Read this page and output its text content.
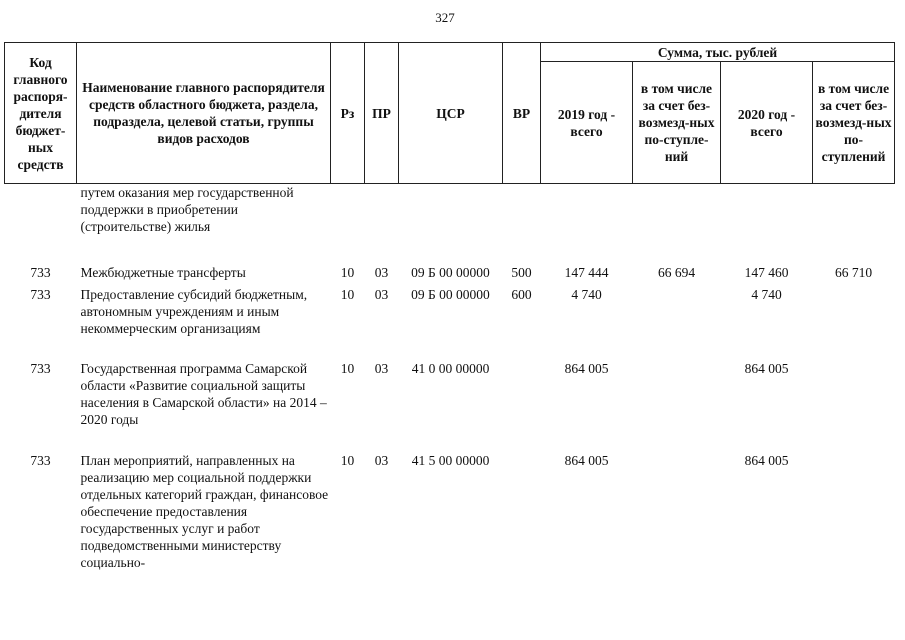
327
Код главного распоря-дителя бюджет-ных средств	Наименование главного распорядителя средств областного бюджета, раздела, подраздела, целевой статьи, группы видов расходов	Рз	ПР	ЦСР	ВР	Сумма, тыс. рублей			
						2019 год - всего	в том числе за счет без-возмезд-ных по-ступле-ний	2020 год - всего	в том числе за счет без-возмезд-ных по-ступлений
	путем оказания мер государственной поддержки в приобретении (строительстве) жилья								
733	Межбюджетные трансферты	10	03	09 Б 00 00000	500	147 444	66 694	147 460	66 710
733	Предоставление субсидий бюджетным, автономным учреждениям и иным некоммерческим организациям	10	03	09 Б 00 00000	600	4 740		4 740	
733	Государственная программа Самарской области «Развитие социальной защиты населения в Самарской области» на 2014 – 2020 годы	10	03	41 0 00 00000		864 005		864 005	
733	План мероприятий, направленных на реализацию мер социальной поддержки отдельных категорий граждан, финансовое обеспечение предоставления государственных услуг и работ подведомственными министерству социально-	10	03	41 5 00 00000		864 005		864 005	
